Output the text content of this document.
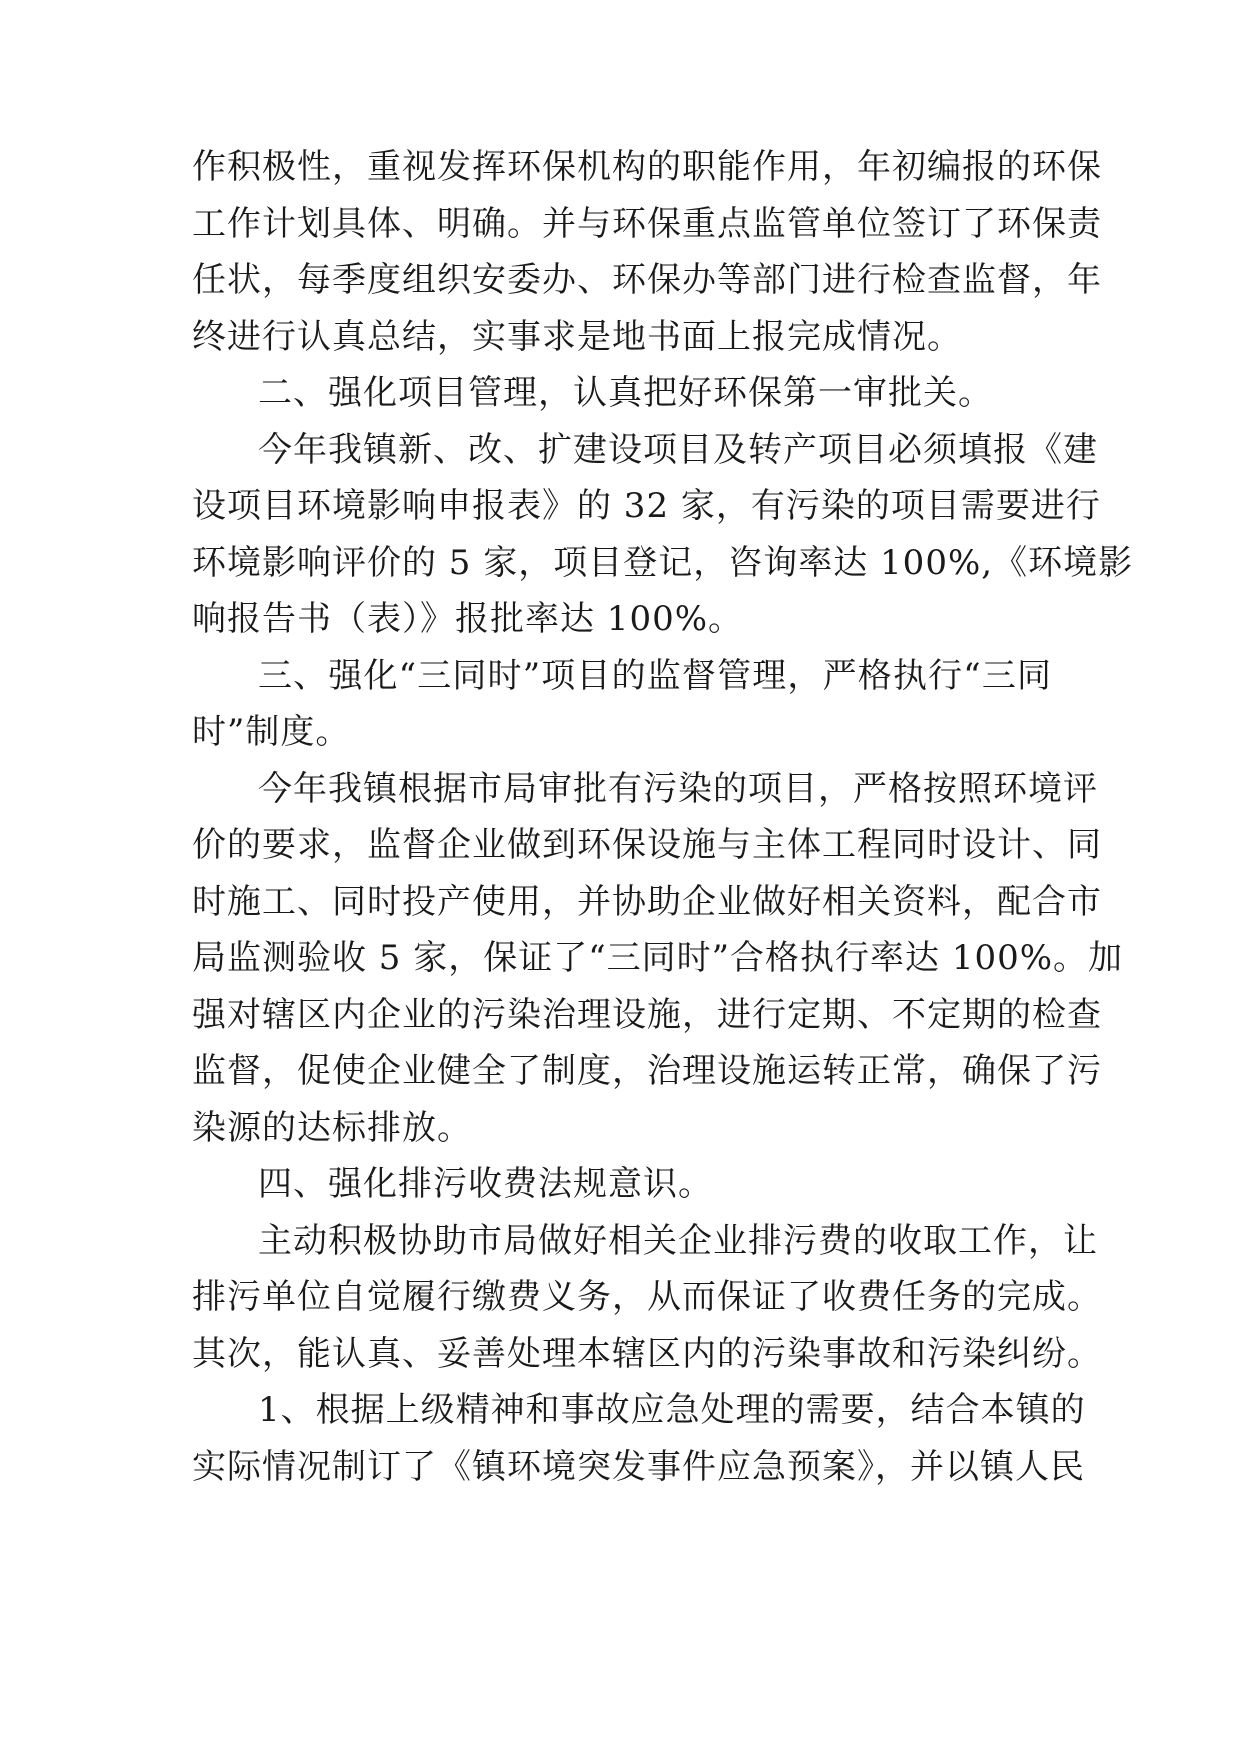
作积极性，重视发挥环保机构的职能作用，年初编报的环保
工作计划具体、明确。并与环保重点监管单位签订了环保责
任状，每季度组织安委办、环保办等部门进行检查监督，年
终进行认真总结，实事求是地书面上报完成情况。
二、强化项目管理，认真把好环保第一审批关。
今年我镇新、改、扩建设项目及转产项目必须填报《建
设项目环境影响申报表》的 32 家，有污染的项目需要进行
环境影响评价的 5 家，项目登记，咨询率达 100%,《环境影
响报告书（表）》报批率达 100%。
三、强化“三同时”项目的监督管理，严格执行“三同
时”制度。
今年我镇根据市局审批有污染的项目，严格按照环境评
价的要求，监督企业做到环保设施与主体工程同时设计、同
时施工、同时投产使用，并协助企业做好相关资料，配合市
局监测验收 5 家，保证了“三同时”合格执行率达 100%。加
强对辖区内企业的污染治理设施，进行定期、不定期的检查
监督，促使企业健全了制度，治理设施运转正常，确保了污
染源的达标排放。
四、强化排污收费法规意识。
主动积极协助市局做好相关企业排污费的收取工作，让
排污单位自觉履行缴费义务，从而保证了收费任务的完成。
其次，能认真、妥善处理本辖区内的污染事故和污染纠纷。
1、根据上级精神和事故应急处理的需要，结合本镇的
实际情况制订了《镇环境突发事件应急预案》，并以镇人民
